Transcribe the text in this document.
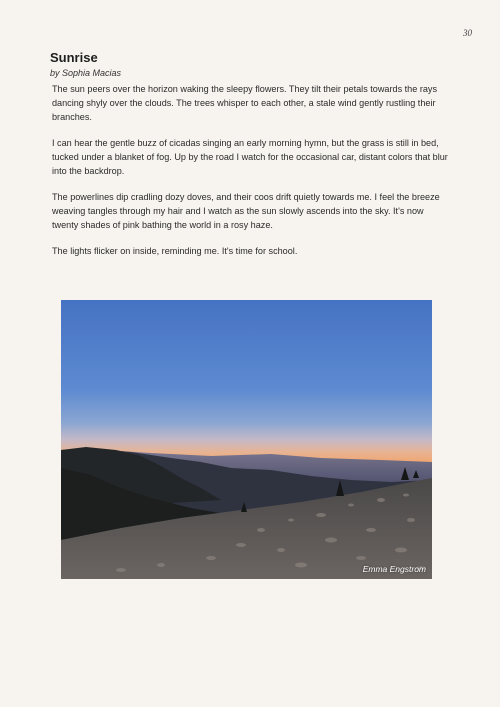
30
Sunrise
by Sophia Macias

The sun peers over the horizon waking the sleepy flowers. They tilt their petals towards the rays dancing shyly over the clouds. The trees whisper to each other, a stale wind gently rustling their branches.

I can hear the gentle buzz of cicadas singing an early morning hymn, but the grass is still in bed, tucked under a blanket of fog. Up by the road I watch for the occasional car, distant colors that blur into the backdrop.

The powerlines dip cradling dozy doves, and their coos drift quietly towards me. I feel the breeze weaving tangles through my hair and I watch as the sun slowly ascends into the sky. It's now twenty shades of pink bathing the world in a rosy haze.

The lights flicker on inside, reminding me. It's time for school.

Emma Engstrom
